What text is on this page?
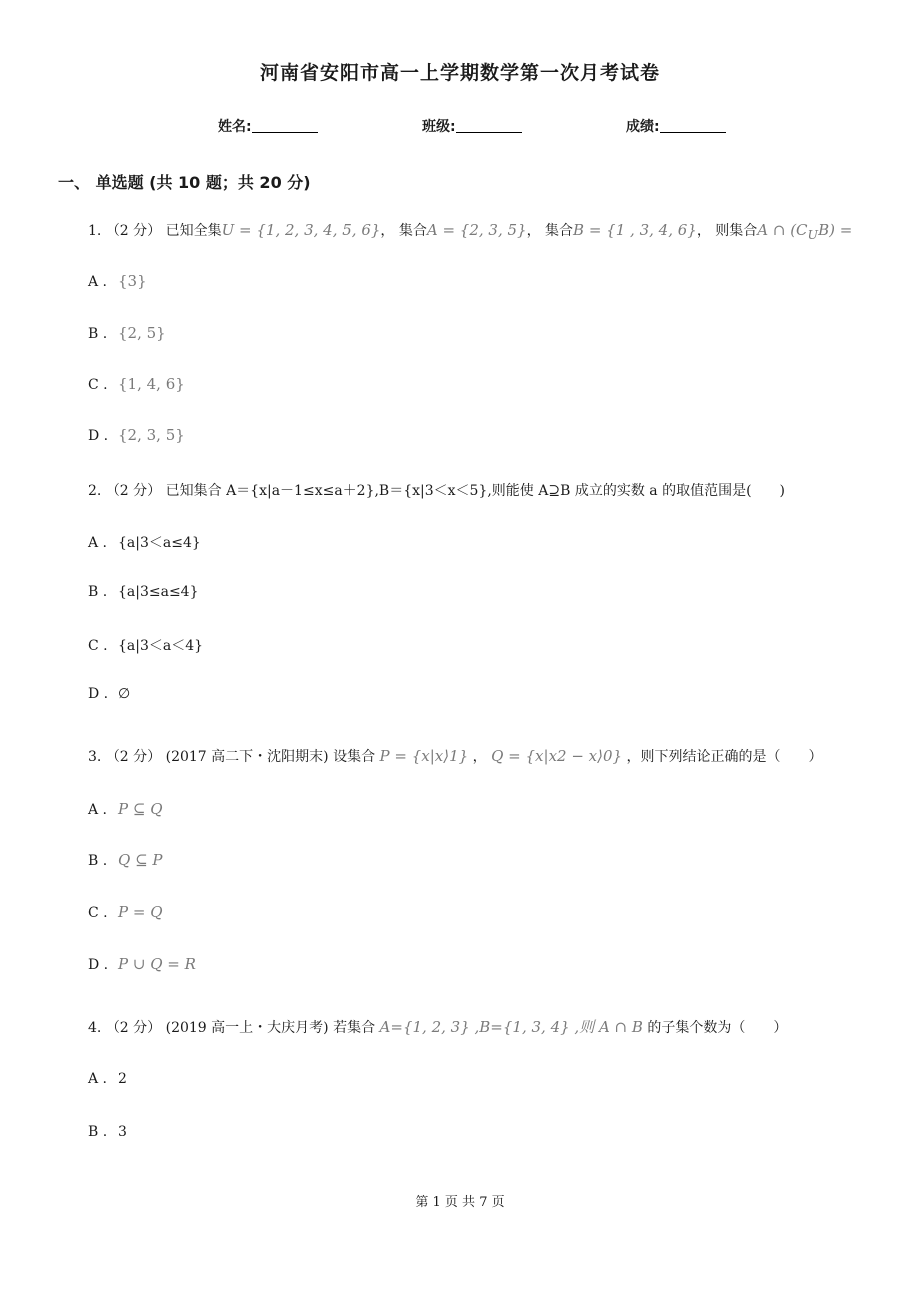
河南省安阳市高一上学期数学第一次月考试卷
姓名:	班级:	成绩:
一、 单选题 (共 10 题；共 20 分)
1. （2 分） 已知全集U = {1, 2, 3, 4, 5, 6}， 集合A = {2, 3, 5}， 集合B = {1 , 3, 4, 6}， 则集合A ∩ $(C_UB)$ =
A . {3}
B . {2, 5}
C . {1, 4, 6}
D . {2, 3, 5}
2. （2 分） 已知集合 A＝{x|a－1≤x≤a＋2},B＝{x|3＜x＜5},则能使 A⊇B 成立的实数 a 的取值范围是(　　)
A . {a|3＜a≤4}
B . {a|3≤a≤4}
C . {a|3＜a＜4}
D . ∅
3. （2 分） (2017 高二下・沈阳期末) 设集合 P = {x|x⟩1} ， Q = {x|x2 − x⟩0} ，则下列结论正确的是（　　）
A . P ⊆ Q
B . Q ⊆ P
C . P = Q
D . P ∪ Q = R
4. （2 分） (2019 高一上・大庆月考) 若集合 A={1, 2, 3} ,B={1, 3, 4} ,则 A ∩ B 的子集个数为（　　）
A . 2
B . 3
第 1 页 共 7 页
